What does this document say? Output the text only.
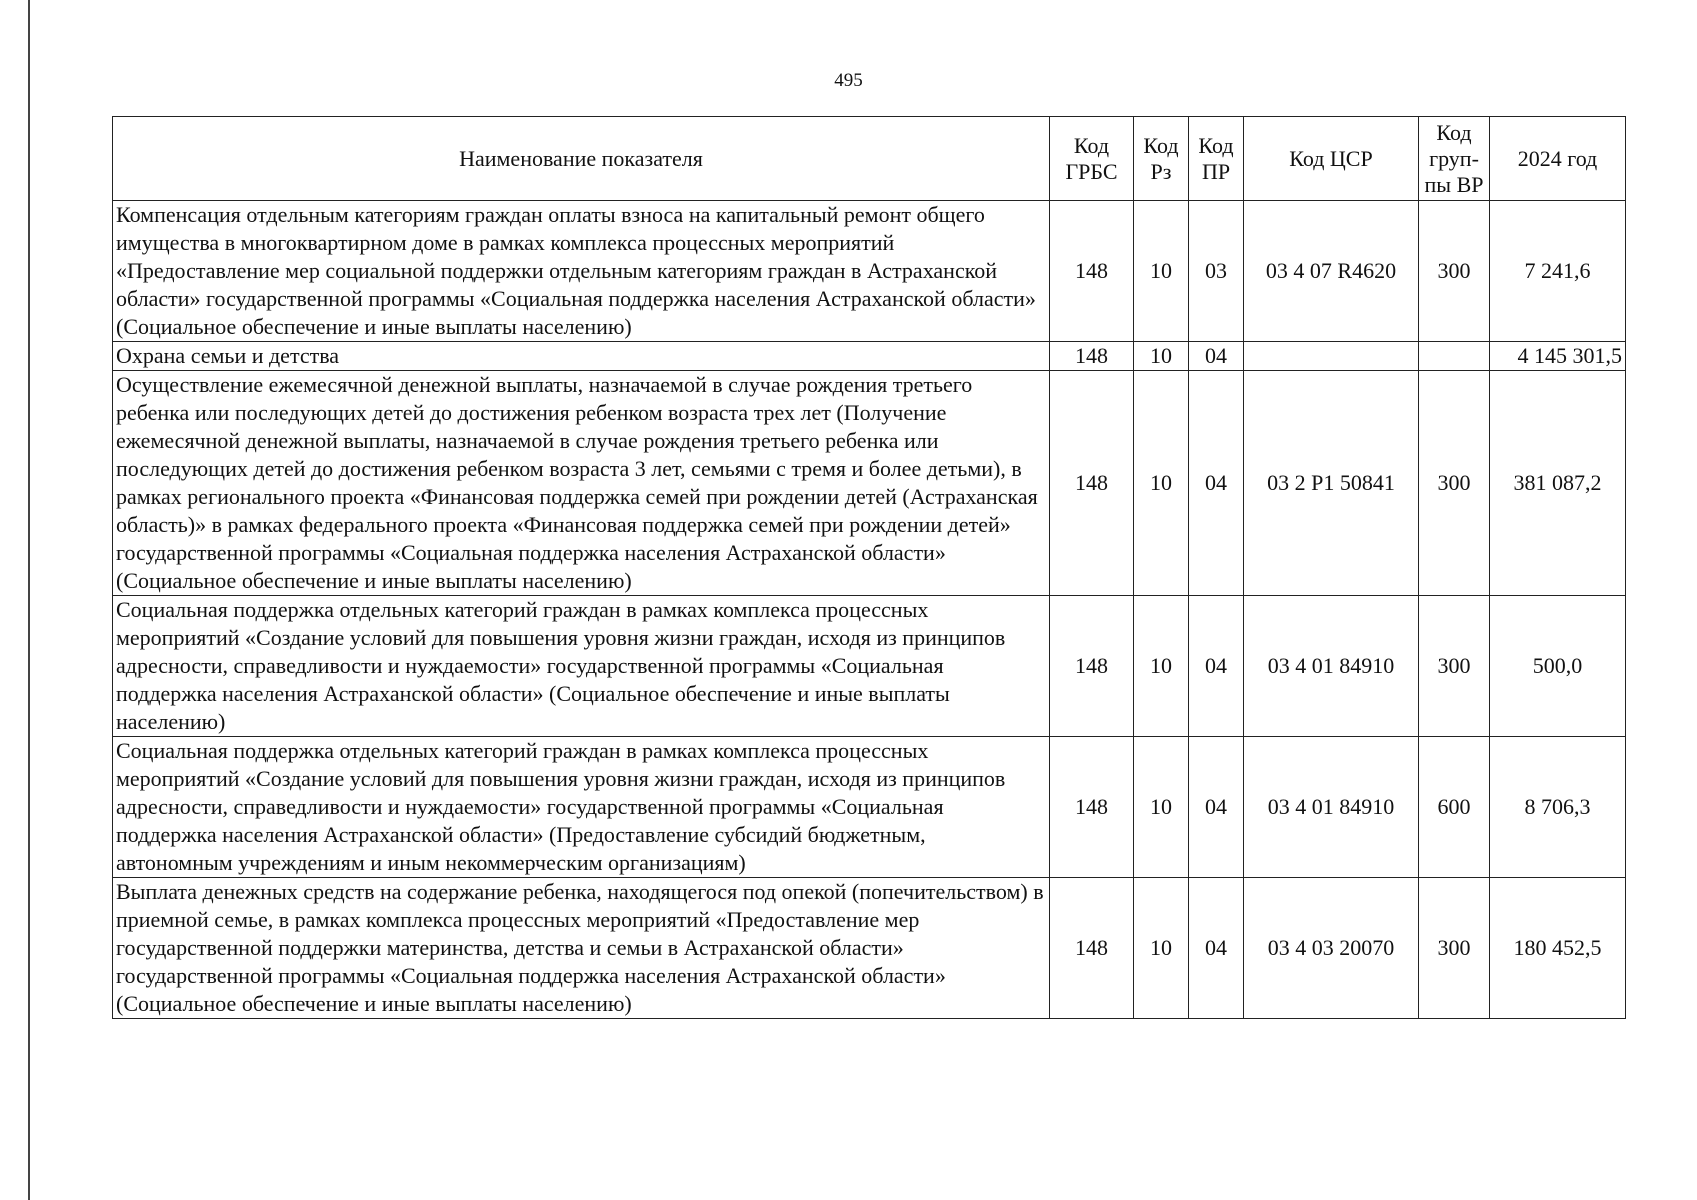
495
Наименование показателя	Код ГРБС	Код Рз	Код ПР	Код ЦСР	Код груп-пы ВР	2024 год
Компенсация отдельным категориям граждан оплаты взноса на капитальный ремонт общего имущества в многоквартирном доме в рамках комплекса процессных мероприятий «Предоставление мер социальной поддержки отдельным категориям граждан в Астраханской области» государственной программы «Социальная поддержка населения Астраханской области» (Социальное обеспечение и иные выплаты населению)	148	10	03	03 4 07 R4620	300	7 241,6
Охрана семьи и детства	148	10	04			4 145 301,5
Осуществление ежемесячной денежной выплаты, назначаемой в случае рождения третьего ребенка или последующих детей до достижения ребенком возраста трех лет (Получение ежемесячной денежной выплаты, назначаемой в случае рождения третьего ребенка или последующих детей до достижения ребенком возраста 3 лет, семьями с тремя и более детьми), в рамках регионального проекта «Финансовая поддержка семей при рождении детей (Астраханская область)» в рамках федерального проекта «Финансовая поддержка семей при рождении детей» государственной программы «Социальная поддержка населения Астраханской области» (Социальное обеспечение и иные выплаты населению)	148	10	04	03 2 P1 50841	300	381 087,2
Социальная поддержка отдельных категорий граждан в рамках комплекса процессных мероприятий «Создание условий для повышения уровня жизни граждан, исходя из принципов адресности, справедливости и нуждаемости» государственной программы «Социальная поддержка населения Астраханской области» (Социальное обеспечение и иные выплаты населению)	148	10	04	03 4 01 84910	300	500,0
Социальная поддержка отдельных категорий граждан в рамках комплекса процессных мероприятий «Создание условий для повышения уровня жизни граждан, исходя из принципов адресности, справедливости и нуждаемости» государственной программы «Социальная поддержка населения Астраханской области» (Предоставление субсидий бюджетным, автономным учреждениям и иным некоммерческим организациям)	148	10	04	03 4 01 84910	600	8 706,3
Выплата денежных средств на содержание ребенка, находящегося под опекой (попечительством) в приемной семье, в рамках комплекса процессных мероприятий «Предоставление мер государственной поддержки материнства, детства и семьи в Астраханской области» государственной программы «Социальная поддержка населения Астраханской области» (Социальное обеспечение и иные выплаты населению)	148	10	04	03 4 03 20070	300	180 452,5
